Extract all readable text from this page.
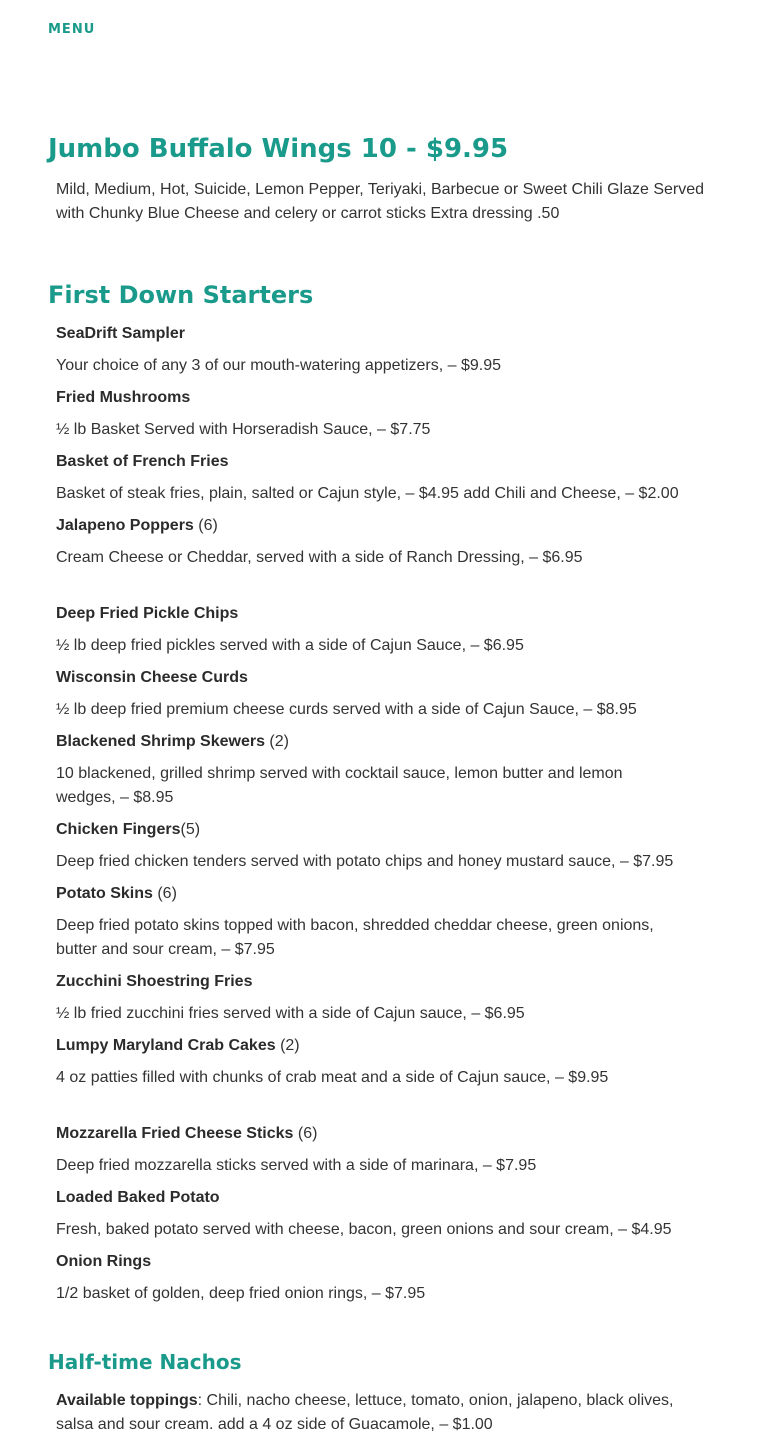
MENU
Jumbo Buffalo Wings 10 - $9.95

Mild, Medium, Hot, Suicide, Lemon Pepper, Teriyaki, Barbecue or Sweet Chili Glaze Served with Chunky Blue Cheese and celery or carrot sticks Extra dressing .50

First Down Starters

SeaDrift Sampler

Your choice of any 3 of our mouth-watering appetizers, – $9.95

Fried Mushrooms

½ lb Basket Served with Horseradish Sauce, – $7.75

Basket of French Fries

Basket of steak fries, plain, salted or Cajun style, – $4.95 add Chili and Cheese, – $2.00

Jalapeno Poppers (6)

Cream Cheese or Cheddar, served with a side of Ranch Dressing, – $6.95

Deep Fried Pickle Chips

½ lb deep fried pickles served with a side of Cajun Sauce, – $6.95

Wisconsin Cheese Curds

½ lb deep fried premium cheese curds served with a side of Cajun Sauce, – $8.95

Blackened Shrimp Skewers (2)

10 blackened, grilled shrimp served with cocktail sauce, lemon butter and lemon wedges, – $8.95

Chicken Fingers(5)

Deep fried chicken tenders served with potato chips and honey mustard sauce, – $7.95

Potato Skins (6)

Deep fried potato skins topped with bacon, shredded cheddar cheese, green onions, butter and sour cream, – $7.95

Zucchini Shoestring Fries

½ lb fried zucchini fries served with a side of Cajun sauce, – $6.95

Lumpy Maryland Crab Cakes (2)

4 oz patties filled with chunks of crab meat and a side of Cajun sauce, – $9.95

Mozzarella Fried Cheese Sticks (6)

Deep fried mozzarella sticks served with a side of marinara, – $7.95

Loaded Baked Potato

Fresh, baked potato served with cheese, bacon, green onions and sour cream, – $4.95

Onion Rings

1/2 basket of golden, deep fried onion rings, – $7.95

Half-time Nachos

Available toppings: Chili, nacho cheese, lettuce, tomato, onion, jalapeno, black olives, salsa and sour cream. add a 4 oz side of Guacamole, – $1.00
